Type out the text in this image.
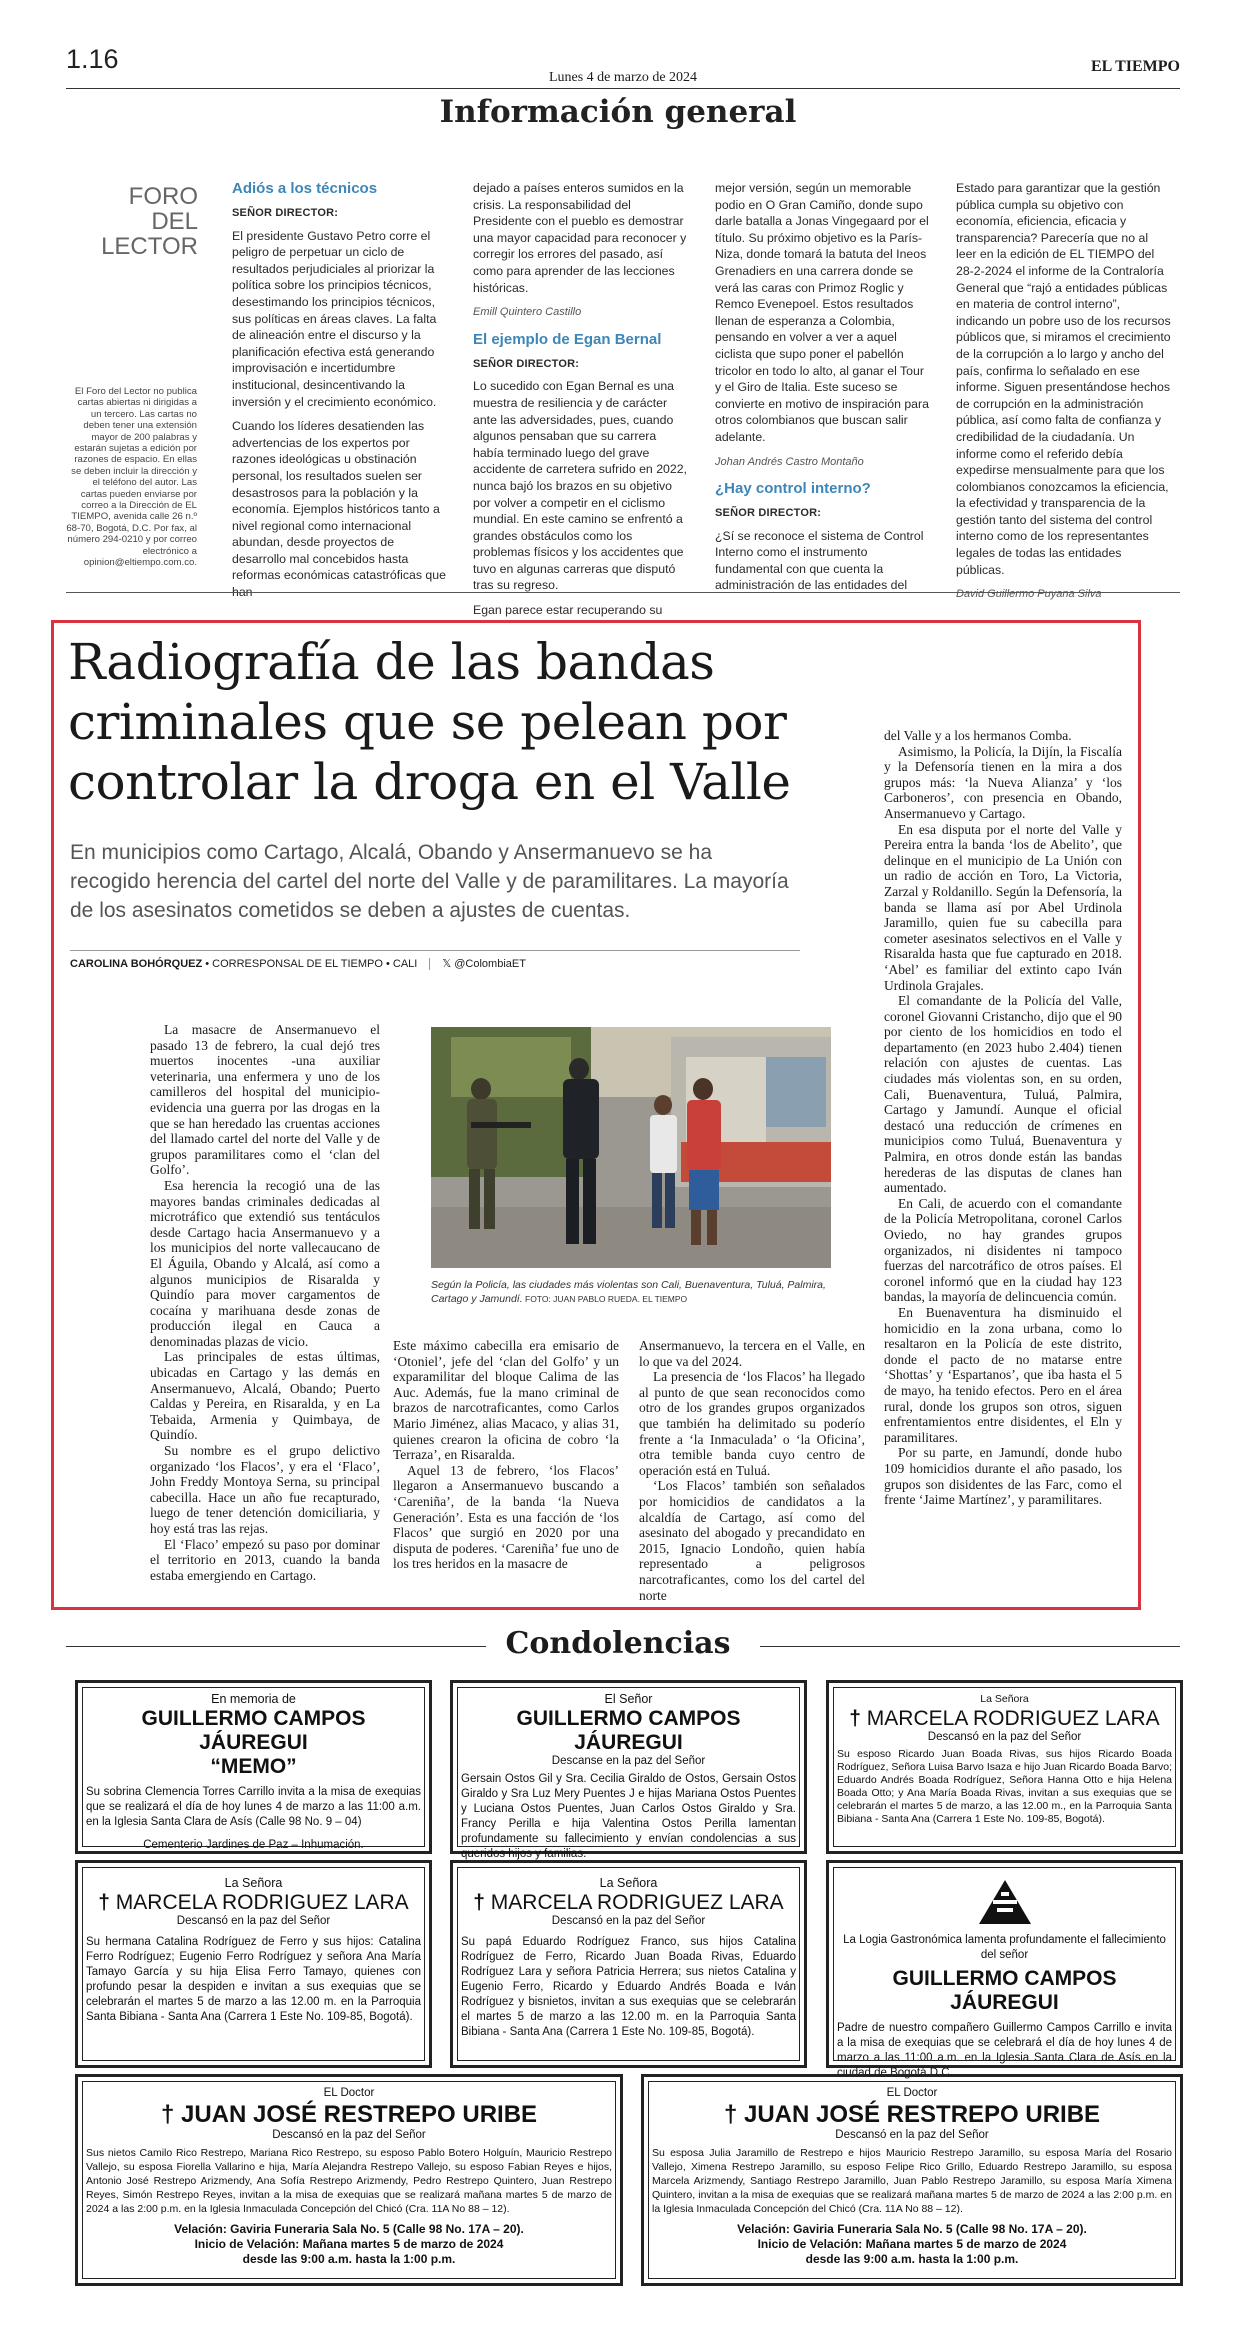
1.16
Lunes 4 de marzo de 2024
EL TIEMPO
Información general
FORO DEL LECTOR
El Foro del Lector no publica cartas abiertas ni dirigidas a un tercero. Las cartas no deben tener una extensión mayor de 200 palabras y estarán sujetas a edición por razones de espacio. En ellas se deben incluir la dirección y el teléfono del autor. Las cartas pueden enviarse por correo a la Dirección de EL TIEMPO, avenida calle 26 n.º 68-70, Bogotá, D.C. Por fax, al número 294-0210 y por correo electrónico a opinion@eltiempo.com.co.
Adiós a los técnicos
SEÑOR DIRECTOR:

El presidente Gustavo Petro corre el peligro de perpetuar un ciclo de resultados perjudiciales al priorizar la política sobre los principios técnicos, desestimando los principios técnicos, sus políticas en áreas claves. La falta de alineación entre el discurso y la planificación efectiva está generando improvisación e incertidumbre institucional, desincentivando la inversión y el crecimiento económico.

Cuando los líderes desatienden las advertencias de los expertos por razones ideológicas u obstinación personal, los resultados suelen ser desastrosos para la población y la economía. Ejemplos históricos tanto a nivel regional como internacional abundan, desde proyectos de desarrollo mal concebidos hasta reformas económicas catastróficas que han

dejado a países enteros sumidos en la crisis. La responsabilidad del Presidente con el pueblo es demostrar una mayor capacidad para reconocer y corregir los errores del pasado, así como para aprender de las lecciones históricas.

Emill Quintero Castillo
El ejemplo de Egan Bernal
SEÑOR DIRECTOR:

Lo sucedido con Egan Bernal es una muestra de resiliencia y de carácter ante las adversidades, pues, cuando algunos pensaban que su carrera había terminado luego del grave accidente de carretera sufrido en 2022, nunca bajó los brazos en su objetivo por volver a competir en el ciclismo mundial. En este camino se enfrentó a grandes obstáculos como los problemas físicos y los accidentes que tuvo en algunas carreras que disputó tras su regreso.

Egan parece estar recuperando su

mejor versión, según un memorable podio en O Gran Camiño, donde supo darle batalla a Jonas Vingegaard por el título. Su próximo objetivo es la París-Niza, donde tomará la batuta del Ineos Grenadiers en una carrera donde se verá las caras con Primoz Roglic y Remco Evenepoel. Estos resultados llenan de esperanza a Colombia, pensando en volver a ver a aquel ciclista que supo poner el pabellón tricolor en todo lo alto, al ganar el Tour y el Giro de Italia. Este suceso se convierte en motivo de inspiración para otros colombianos que buscan salir adelante.

Johan Andrés Castro Montaño
¿Hay control interno?
SEÑOR DIRECTOR:

¿Sí se reconoce el sistema de Control Interno como el instrumento fundamental con que cuenta la administración de las entidades del

Estado para garantizar que la gestión pública cumpla su objetivo con economía, eficiencia, eficacia y transparencia? Parecería que no al leer en la edición de EL TIEMPO del 28-2-2024 el informe de la Contraloría General que “rajó a entidades públicas en materia de control interno”, indicando un pobre uso de los recursos públicos que, si miramos el crecimiento de la corrupción a lo largo y ancho del país, confirma lo señalado en ese informe. Siguen presentándose hechos de corrupción en la administración pública, así como falta de confianza y credibilidad de la ciudadanía. Un informe como el referido debía expedirse mensualmente para que los colombianos conozcamos la eficiencia, la efectividad y transparencia de la gestión tanto del sistema del control interno como de los representantes legales de todas las entidades públicas.

David Guillermo Puyana Silva
Radiografía de las bandas criminales que se pelean por controlar la droga en el Valle
En municipios como Cartago, Alcalá, Obando y Ansermanuevo se ha recogido herencia del cartel del norte del Valle y de paramilitares. La mayoría de los asesinatos cometidos se deben a ajustes de cuentas.
CAROLINA BOHÓRQUEZ • CORRESPONSAL DE EL TIEMPO • CALI 𝕏 @ColombiaET

La masacre de Ansermanuevo el pasado 13 de febrero, la cual dejó tres muertos inocentes -una auxiliar veterinaria, una enfermera y uno de los camilleros del hospital del municipio- evidencia una guerra por las drogas en la que se han heredado las cruentas acciones del llamado cartel del norte del Valle y de grupos paramilitares como el ‘clan del Golfo’.

Esa herencia la recogió una de las mayores bandas criminales dedicadas al microtráfico que extendió sus tentáculos desde Cartago hacia Ansermanuevo y a los municipios del norte vallecaucano de El Águila, Obando y Alcalá, así como a algunos municipios de Risaralda y Quindío para mover cargamentos de cocaína y marihuana desde zonas de producción ilegal en Cauca a denominadas plazas de vicio.

Las principales de estas últimas, ubicadas en Cartago y las demás en Ansermanuevo, Alcalá, Obando; Puerto Caldas y Pereira, en Risaralda, y en La Tebaida, Armenia y Quimbaya, de Quindío.

Su nombre es el grupo delictivo organizado ‘los Flacos’, y era el ‘Flaco’, John Freddy Montoya Serna, su principal cabecilla. Hace un año fue recapturado, luego de tener detención domiciliaria, y hoy está tras las rejas.

El ‘Flaco’ empezó su paso por dominar el territorio en 2013, cuando la banda estaba emergiendo en Cartago.

Según la Policía, las ciudades más violentas son Cali, Buenaventura, Tuluá, Palmira, Cartago y Jamundí. FOTO: JUAN PABLO RUEDA. EL TIEMPO

Este máximo cabecilla era emisario de ‘Otoniel’, jefe del ‘clan del Golfo’ y un exparamilitar del bloque Calima de las Auc. Además, fue la mano criminal de brazos de narcotraficantes, como Carlos Mario Jiménez, alias Macaco, y alias 31, quienes crearon la oficina de cobro ‘la Terraza’, en Risaralda.

Aquel 13 de febrero, ‘los Flacos’ llegaron a Ansermanuevo buscando a ‘Careniña’, de la banda ‘la Nueva Generación’. Esta es una facción de ‘los Flacos’ que surgió en 2020 por una disputa de poderes. ‘Careniña’ fue uno de los tres heridos en la masacre de

Ansermanuevo, la tercera en el Valle, en lo que va del 2024.

La presencia de ‘los Flacos’ ha llegado al punto de que sean reconocidos como otro de los grandes grupos organizados que también ha delimitado su poderío frente a ‘la Inmaculada’ o ‘la Oficina’, otra temible banda cuyo centro de operación está en Tuluá.

‘Los Flacos’ también son señalados por homicidios de candidatos a la alcaldía de Cartago, así como del asesinato del abogado y precandidato en 2015, Ignacio Londoño, quien había representado a peligrosos narcotraficantes, como los del cartel del norte

del Valle y a los hermanos Comba.

Asimismo, la Policía, la Dijín, la Fiscalía y la Defensoría tienen en la mira a dos grupos más: ‘la Nueva Alianza’ y ‘los Carboneros’, con presencia en Obando, Ansermanuevo y Cartago.

En esa disputa por el norte del Valle y Pereira entra la banda ‘los de Abelito’, que delinque en el municipio de La Unión con un radio de acción en Toro, La Victoria, Zarzal y Roldanillo. Según la Defensoría, la banda se llama así por Abel Urdinola Jaramillo, quien fue su cabecilla para cometer asesinatos selectivos en el Valle y Risaralda hasta que fue capturado en 2018. ‘Abel’ es familiar del extinto capo Iván Urdinola Grajales.

El comandante de la Policía del Valle, coronel Giovanni Cristancho, dijo que el 90 por ciento de los homicidios en todo el departamento (en 2023 hubo 2.404) tienen relación con ajustes de cuentas. Las ciudades más violentas son, en su orden, Cali, Buenaventura, Tuluá, Palmira, Cartago y Jamundí. Aunque el oficial destacó una reducción de crímenes en municipios como Tuluá, Buenaventura y Palmira, en otros donde están las bandas herederas de las disputas de clanes han aumentado.

En Cali, de acuerdo con el comandante de la Policía Metropolitana, coronel Carlos Oviedo, no hay grandes grupos organizados, ni disidentes ni tampoco fuerzas del narcotráfico de otros países. El coronel informó que en la ciudad hay 123 bandas, la mayoría de delincuencia común.

En Buenaventura ha disminuido el homicidio en la zona urbana, como lo resaltaron en la Policía de este distrito, donde el pacto de no matarse entre ‘Shottas’ y ‘Espartanos’, que iba hasta el 5 de mayo, ha tenido efectos. Pero en el área rural, donde los grupos son otros, siguen enfrentamientos entre disidentes, el Eln y paramilitares.

Por su parte, en Jamundí, donde hubo 109 homicidios durante el año pasado, los grupos son disidentes de las Farc, como el frente ‘Jaime Martínez’, y paramilitares.

Condolencias
En memoria de
GUILLERMO CAMPOS JÁUREGUI
“MEMO”
Su sobrina Clemencia Torres Carrillo invita a la misa de exequias que se realizará el día de hoy lunes 4 de marzo a las 11:00 a.m. en la Iglesia Santa Clara de Asís (Calle 98 No. 9 – 04)
Cementerio Jardines de Paz – Inhumación.
El Señor
GUILLERMO CAMPOS JÁUREGUI
Descanse en la paz del Señor
Gersain Ostos Gil y Sra. Cecilia Giraldo de Ostos, Gersain Ostos Giraldo y Sra Luz Mery Puentes J e hijas Mariana Ostos Puentes y Luciana Ostos Puentes, Juan Carlos Ostos Giraldo y Sra. Francy Perilla e hija Valentina Ostos Perilla lamentan profundamente su fallecimiento y envían condolencias a sus queridos hijos y familias.
La Señora
† MARCELA RODRIGUEZ LARA
Descansó en la paz del Señor
Su esposo Ricardo Juan Boada Rivas, sus hijos Ricardo Boada Rodríguez, Señora Luisa Barvo Isaza e hijo Juan Ricardo Boada Barvo; Eduardo Andrés Boada Rodríguez, Señora Hanna Otto e hija Helena Boada Otto; y Ana María Boada Rivas, invitan a sus exequias que se celebrarán el martes 5 de marzo, a las 12.00 m., en la Parroquia Santa Bibiana - Santa Ana (Carrera 1 Este No. 109-85, Bogotá).
La Señora
† MARCELA RODRIGUEZ LARA
Descansó en la paz del Señor
Su hermana Catalina Rodríguez de Ferro y sus hijos: Catalina Ferro Rodríguez; Eugenio Ferro Rodríguez y señora Ana María Tamayo García y su hija Elisa Ferro Tamayo, quienes con profundo pesar la despiden e invitan a sus exequias que se celebrarán el martes 5 de marzo a las 12.00 m. en la Parroquia Santa Bibiana - Santa Ana (Carrera 1 Este No. 109-85, Bogotá).
La Señora
† MARCELA RODRIGUEZ LARA
Descansó en la paz del Señor
Su papá Eduardo Rodríguez Franco, sus hijos Catalina Rodríguez de Ferro, Ricardo Juan Boada Rivas, Eduardo Rodríguez Lara y señora Patricia Herrera; sus nietos Catalina y Eugenio Ferro, Ricardo y Eduardo Andrés Boada e Iván Rodríguez y bisnietos, invitan a sus exequias que se celebrarán el martes 5 de marzo a las 12.00 m. en la Parroquia Santa Bibiana - Santa Ana (Carrera 1 Este No. 109-85, Bogotá).
La Logia Gastronómica lamenta profundamente el fallecimiento del señor
GUILLERMO CAMPOS JÁUREGUI
Padre de nuestro compañero Guillermo Campos Carrillo e invita a la misa de exequias que se celebrará el día de hoy lunes 4 de marzo a las 11:00 a.m. en la Iglesia Santa Clara de Asís en la ciudad de Bogotá D.C.
EL Doctor
† JUAN JOSÉ RESTREPO URIBE
Descansó en la paz del Señor
Sus nietos Camilo Rico Restrepo, Mariana Rico Restrepo, su esposo Pablo Botero Holguín, Mauricio Restrepo Vallejo, su esposa Fiorella Vallarino e hija, María Alejandra Restrepo Vallejo, su esposo Fabian Reyes e hijos, Antonio José Restrepo Arizmendy, Ana Sofía Restrepo Arizmendy, Pedro Restrepo Quintero, Juan Restrepo Reyes, Simón Restrepo Reyes, invitan a la misa de exequias que se realizará mañana martes 5 de marzo de 2024 a las 2:00 p.m. en la Iglesia Inmaculada Concepción del Chicó (Cra. 11A No 88 – 12).
Velación: Gaviria Funeraria Sala No. 5 (Calle 98 No. 17A – 20).
Inicio de Velación: Mañana martes 5 de marzo de 2024
desde las 9:00 a.m. hasta la 1:00 p.m.
EL Doctor
† JUAN JOSÉ RESTREPO URIBE
Descansó en la paz del Señor
Su esposa Julia Jaramillo de Restrepo e hijos Mauricio Restrepo Jaramillo, su esposa María del Rosario Vallejo, Ximena Restrepo Jaramillo, su esposo Felipe Rico Grillo, Eduardo Restrepo Jaramillo, su esposa Marcela Arizmendy, Santiago Restrepo Jaramillo, Juan Pablo Restrepo Jaramillo, su esposa María Ximena Quintero, invitan a la misa de exequias que se realizará mañana martes 5 de marzo de 2024 a las 2:00 p.m. en la Iglesia Inmaculada Concepción del Chicó (Cra. 11A No 88 – 12).
Velación: Gaviria Funeraria Sala No. 5 (Calle 98 No. 17A – 20).
Inicio de Velación: Mañana martes 5 de marzo de 2024
desde las 9:00 a.m. hasta la 1:00 p.m.
